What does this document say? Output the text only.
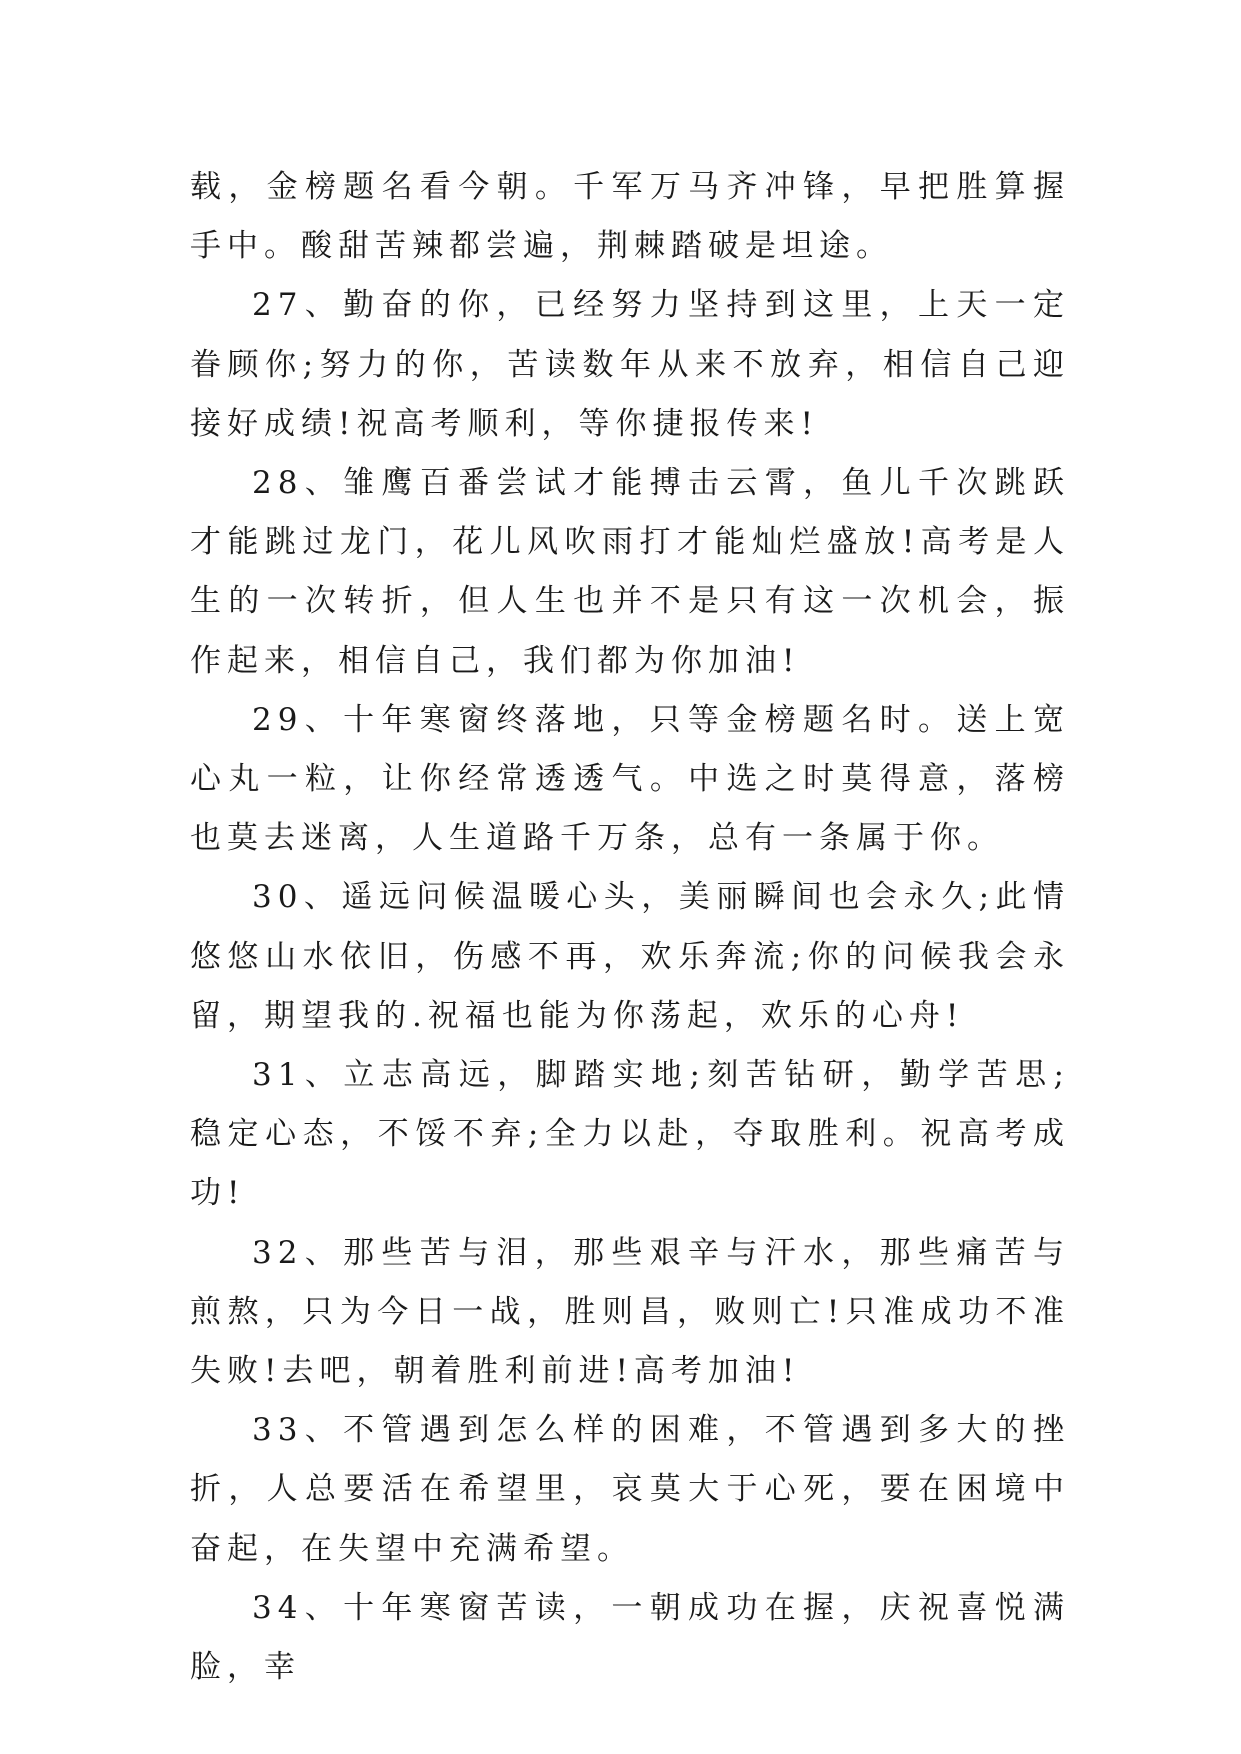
载，金榜题名看今朝。千军万马齐冲锋，早把胜算握手中。酸甜苦辣都尝遍，荆棘踏破是坦途。

27、勤奋的你，已经努力坚持到这里，上天一定眷顾你;努力的你，苦读数年从来不放弃，相信自己迎接好成绩!祝高考顺利，等你捷报传来!

28、雏鹰百番尝试才能搏击云霄，鱼儿千次跳跃才能跳过龙门，花儿风吹雨打才能灿烂盛放!高考是人生的一次转折，但人生也并不是只有这一次机会，振作起来，相信自己，我们都为你加油!

29、十年寒窗终落地，只等金榜题名时。送上宽心丸一粒，让你经常透透气。中选之时莫得意，落榜也莫去迷离，人生道路千万条，总有一条属于你。

30、遥远问候温暖心头，美丽瞬间也会永久;此情悠悠山水依旧，伤感不再，欢乐奔流;你的问候我会永留，期望我的.祝福也能为你荡起，欢乐的心舟!

31、立志高远，脚踏实地;刻苦钻研，勤学苦思;稳定心态，不馁不弃;全力以赴，夺取胜利。祝高考成功!

32、那些苦与泪，那些艰辛与汗水，那些痛苦与煎熬，只为今日一战，胜则昌，败则亡!只准成功不准失败!去吧，朝着胜利前进!高考加油!

33、不管遇到怎么样的困难，不管遇到多大的挫折，人总要活在希望里，哀莫大于心死，要在困境中奋起，在失望中充满希望。

34、十年寒窗苦读，一朝成功在握，庆祝喜悦满脸，幸
